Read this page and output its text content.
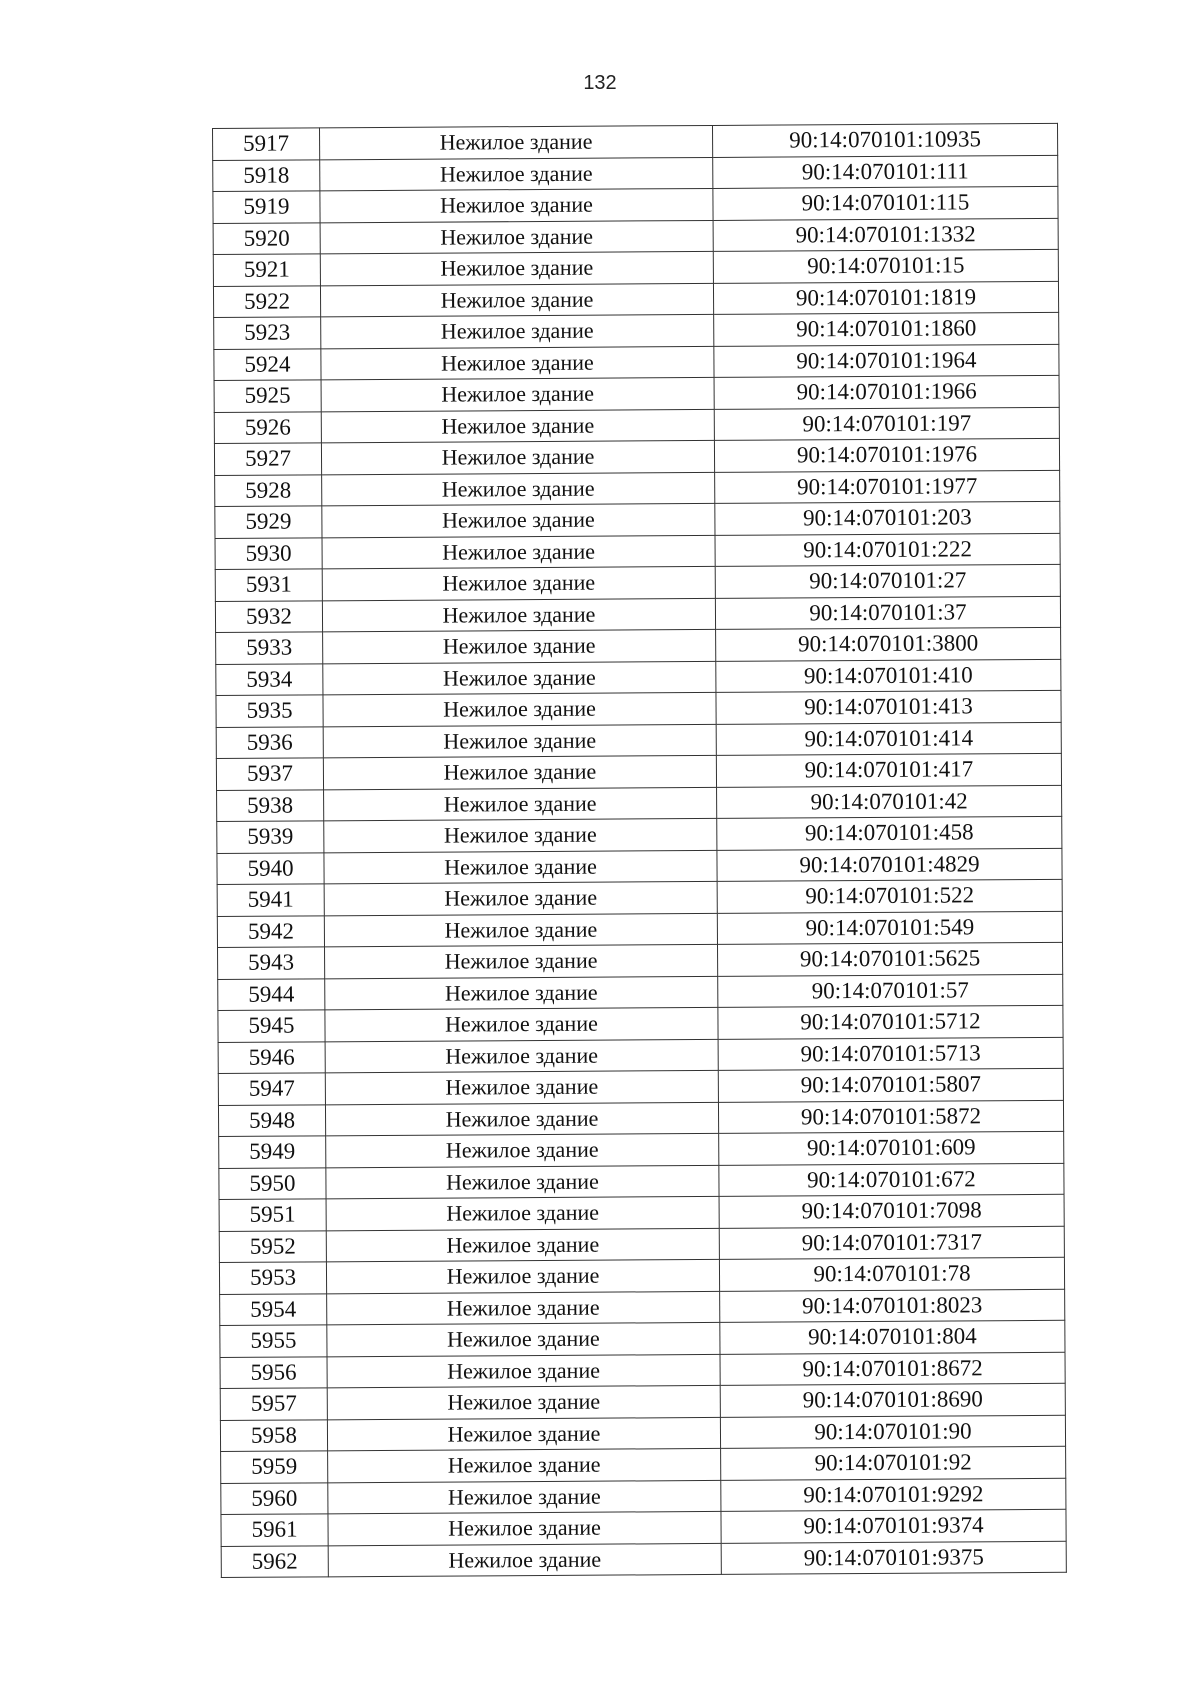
132
5917	Нежилое здание	90:14:070101:10935
5918	Нежилое здание	90:14:070101:111
5919	Нежилое здание	90:14:070101:115
5920	Нежилое здание	90:14:070101:1332
5921	Нежилое здание	90:14:070101:15
5922	Нежилое здание	90:14:070101:1819
5923	Нежилое здание	90:14:070101:1860
5924	Нежилое здание	90:14:070101:1964
5925	Нежилое здание	90:14:070101:1966
5926	Нежилое здание	90:14:070101:197
5927	Нежилое здание	90:14:070101:1976
5928	Нежилое здание	90:14:070101:1977
5929	Нежилое здание	90:14:070101:203
5930	Нежилое здание	90:14:070101:222
5931	Нежилое здание	90:14:070101:27
5932	Нежилое здание	90:14:070101:37
5933	Нежилое здание	90:14:070101:3800
5934	Нежилое здание	90:14:070101:410
5935	Нежилое здание	90:14:070101:413
5936	Нежилое здание	90:14:070101:414
5937	Нежилое здание	90:14:070101:417
5938	Нежилое здание	90:14:070101:42
5939	Нежилое здание	90:14:070101:458
5940	Нежилое здание	90:14:070101:4829
5941	Нежилое здание	90:14:070101:522
5942	Нежилое здание	90:14:070101:549
5943	Нежилое здание	90:14:070101:5625
5944	Нежилое здание	90:14:070101:57
5945	Нежилое здание	90:14:070101:5712
5946	Нежилое здание	90:14:070101:5713
5947	Нежилое здание	90:14:070101:5807
5948	Нежилое здание	90:14:070101:5872
5949	Нежилое здание	90:14:070101:609
5950	Нежилое здание	90:14:070101:672
5951	Нежилое здание	90:14:070101:7098
5952	Нежилое здание	90:14:070101:7317
5953	Нежилое здание	90:14:070101:78
5954	Нежилое здание	90:14:070101:8023
5955	Нежилое здание	90:14:070101:804
5956	Нежилое здание	90:14:070101:8672
5957	Нежилое здание	90:14:070101:8690
5958	Нежилое здание	90:14:070101:90
5959	Нежилое здание	90:14:070101:92
5960	Нежилое здание	90:14:070101:9292
5961	Нежилое здание	90:14:070101:9374
5962	Нежилое здание	90:14:070101:9375
